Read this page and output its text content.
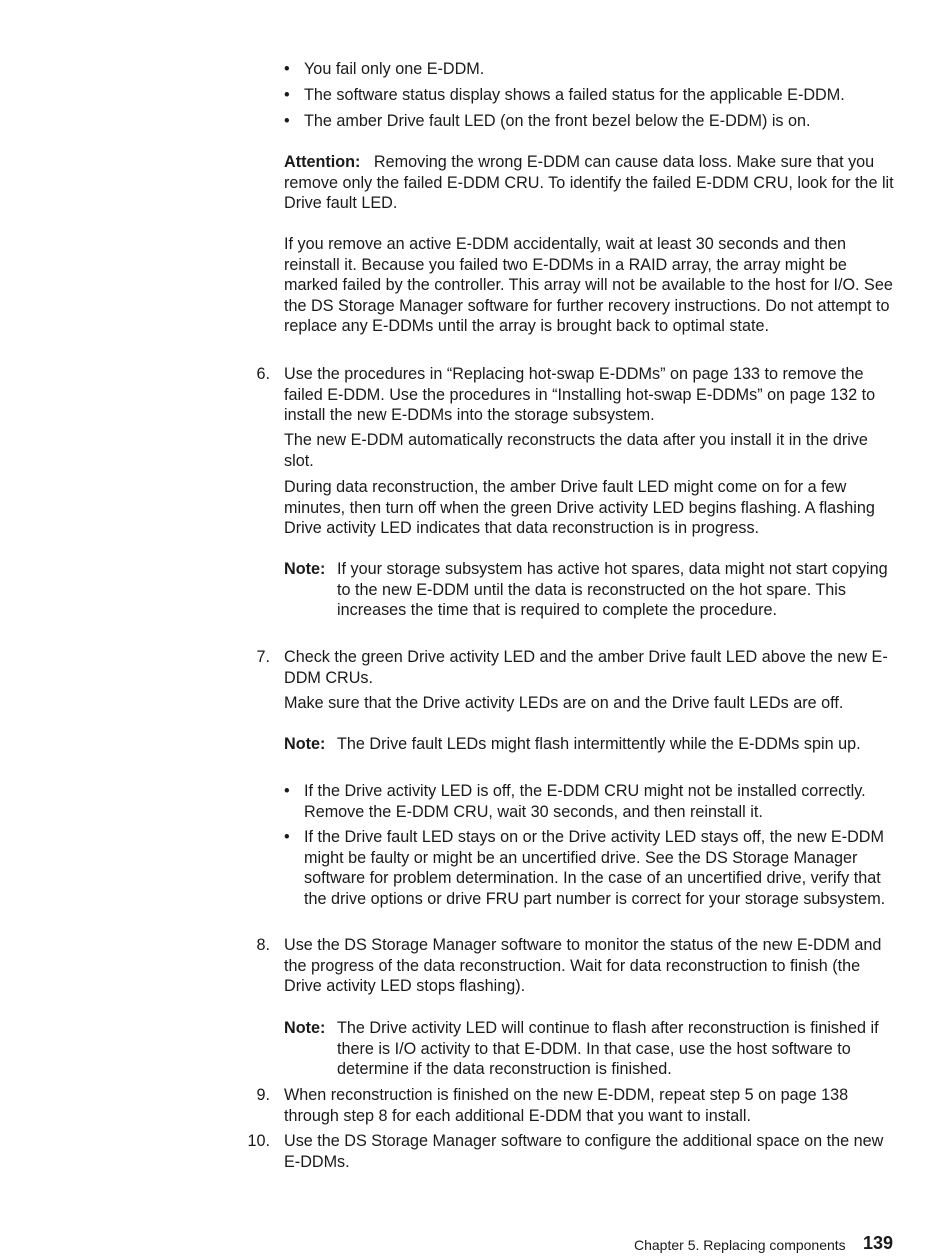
• You fail only one E-DDM.
• The software status display shows a failed status for the applicable E-DDM.
• The amber Drive fault LED (on the front bezel below the E-DDM) is on.
Attention: Removing the wrong E-DDM can cause data loss. Make sure that you remove only the failed E-DDM CRU. To identify the failed E-DDM CRU, look for the lit Drive fault LED.
If you remove an active E-DDM accidentally, wait at least 30 seconds and then reinstall it. Because you failed two E-DDMs in a RAID array, the array might be marked failed by the controller. This array will not be available to the host for I/O. See the DS Storage Manager software for further recovery instructions. Do not attempt to replace any E-DDMs until the array is brought back to optimal state.
6. Use the procedures in “Replacing hot-swap E-DDMs” on page 133 to remove the failed E-DDM. Use the procedures in “Installing hot-swap E-DDMs” on page 132 to install the new E-DDMs into the storage subsystem.
The new E-DDM automatically reconstructs the data after you install it in the drive slot.
During data reconstruction, the amber Drive fault LED might come on for a few minutes, then turn off when the green Drive activity LED begins flashing. A flashing Drive activity LED indicates that data reconstruction is in progress.
Note: If your storage subsystem has active hot spares, data might not start copying to the new E-DDM until the data is reconstructed on the hot spare. This increases the time that is required to complete the procedure.
7. Check the green Drive activity LED and the amber Drive fault LED above the new E-DDM CRUs.
Make sure that the Drive activity LEDs are on and the Drive fault LEDs are off.
Note: The Drive fault LEDs might flash intermittently while the E-DDMs spin up.
• If the Drive activity LED is off, the E-DDM CRU might not be installed correctly. Remove the E-DDM CRU, wait 30 seconds, and then reinstall it.
• If the Drive fault LED stays on or the Drive activity LED stays off, the new E-DDM might be faulty or might be an uncertified drive. See the DS Storage Manager software for problem determination. In the case of an uncertified drive, verify that the drive options or drive FRU part number is correct for your storage subsystem.
8. Use the DS Storage Manager software to monitor the status of the new E-DDM and the progress of the data reconstruction. Wait for data reconstruction to finish (the Drive activity LED stops flashing).
Note: The Drive activity LED will continue to flash after reconstruction is finished if there is I/O activity to that E-DDM. In that case, use the host software to determine if the data reconstruction is finished.
9. When reconstruction is finished on the new E-DDM, repeat step 5 on page 138 through step 8 for each additional E-DDM that you want to install.
10. Use the DS Storage Manager software to configure the additional space on the new E-DDMs.
Chapter 5. Replacing components 139
